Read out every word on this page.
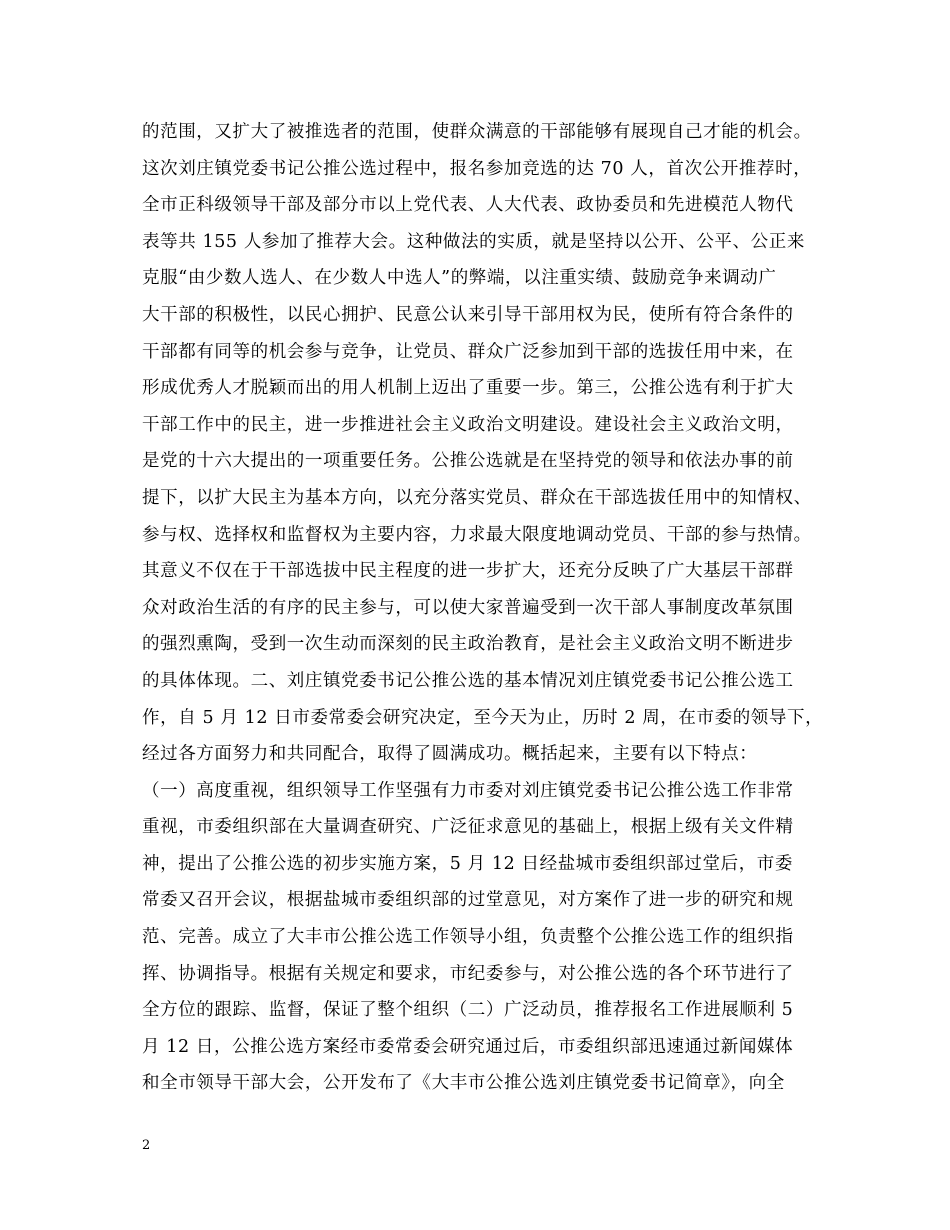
的范围，又扩大了被推选者的范围，使群众满意的干部能够有展现自己才能的机会。
这次刘庄镇党委书记公推公选过程中，报名参加竞选的达 70 人，首次公开推荐时，
全市正科级领导干部及部分市以上党代表、人大代表、政协委员和先进模范人物代
表等共 155 人参加了推荐大会。这种做法的实质，就是坚持以公开、公平、公正来
克服“由少数人选人、在少数人中选人”的弊端，以注重实绩、鼓励竞争来调动广
大干部的积极性，以民心拥护、民意公认来引导干部用权为民，使所有符合条件的
干部都有同等的机会参与竞争，让党员、群众广泛参加到干部的选拔任用中来，在
形成优秀人才脱颖而出的用人机制上迈出了重要一步。第三，公推公选有利于扩大
干部工作中的民主，进一步推进社会主义政治文明建设。建设社会主义政治文明，
是党的十六大提出的一项重要任务。公推公选就是在坚持党的领导和依法办事的前
提下，以扩大民主为基本方向，以充分落实党员、群众在干部选拔任用中的知情权、
参与权、选择权和监督权为主要内容，力求最大限度地调动党员、干部的参与热情。
其意义不仅在于干部选拔中民主程度的进一步扩大，还充分反映了广大基层干部群
众对政治生活的有序的民主参与，可以使大家普遍受到一次干部人事制度改革氛围
的强烈熏陶，受到一次生动而深刻的民主政治教育，是社会主义政治文明不断进步
的具体体现。二、刘庄镇党委书记公推公选的基本情况刘庄镇党委书记公推公选工
作，自 5 月 12 日市委常委会研究决定，至今天为止，历时 2 周，在市委的领导下，
经过各方面努力和共同配合，取得了圆满成功。概括起来，主要有以下特点：
（一）高度重视，组织领导工作坚强有力市委对刘庄镇党委书记公推公选工作非常
重视，市委组织部在大量调查研究、广泛征求意见的基础上，根据上级有关文件精
神，提出了公推公选的初步实施方案，5 月 12 日经盐城市委组织部过堂后，市委
常委又召开会议，根据盐城市委组织部的过堂意见，对方案作了进一步的研究和规
范、完善。成立了大丰市公推公选工作领导小组，负责整个公推公选工作的组织指
挥、协调指导。根据有关规定和要求，市纪委参与，对公推公选的各个环节进行了
全方位的跟踪、监督，保证了整个组织（二）广泛动员，推荐报名工作进展顺利 5
月 12 日，公推公选方案经市委常委会研究通过后，市委组织部迅速通过新闻媒体
和全市领导干部大会，公开发布了《大丰市公推公选刘庄镇党委书记简章》，向全
2
